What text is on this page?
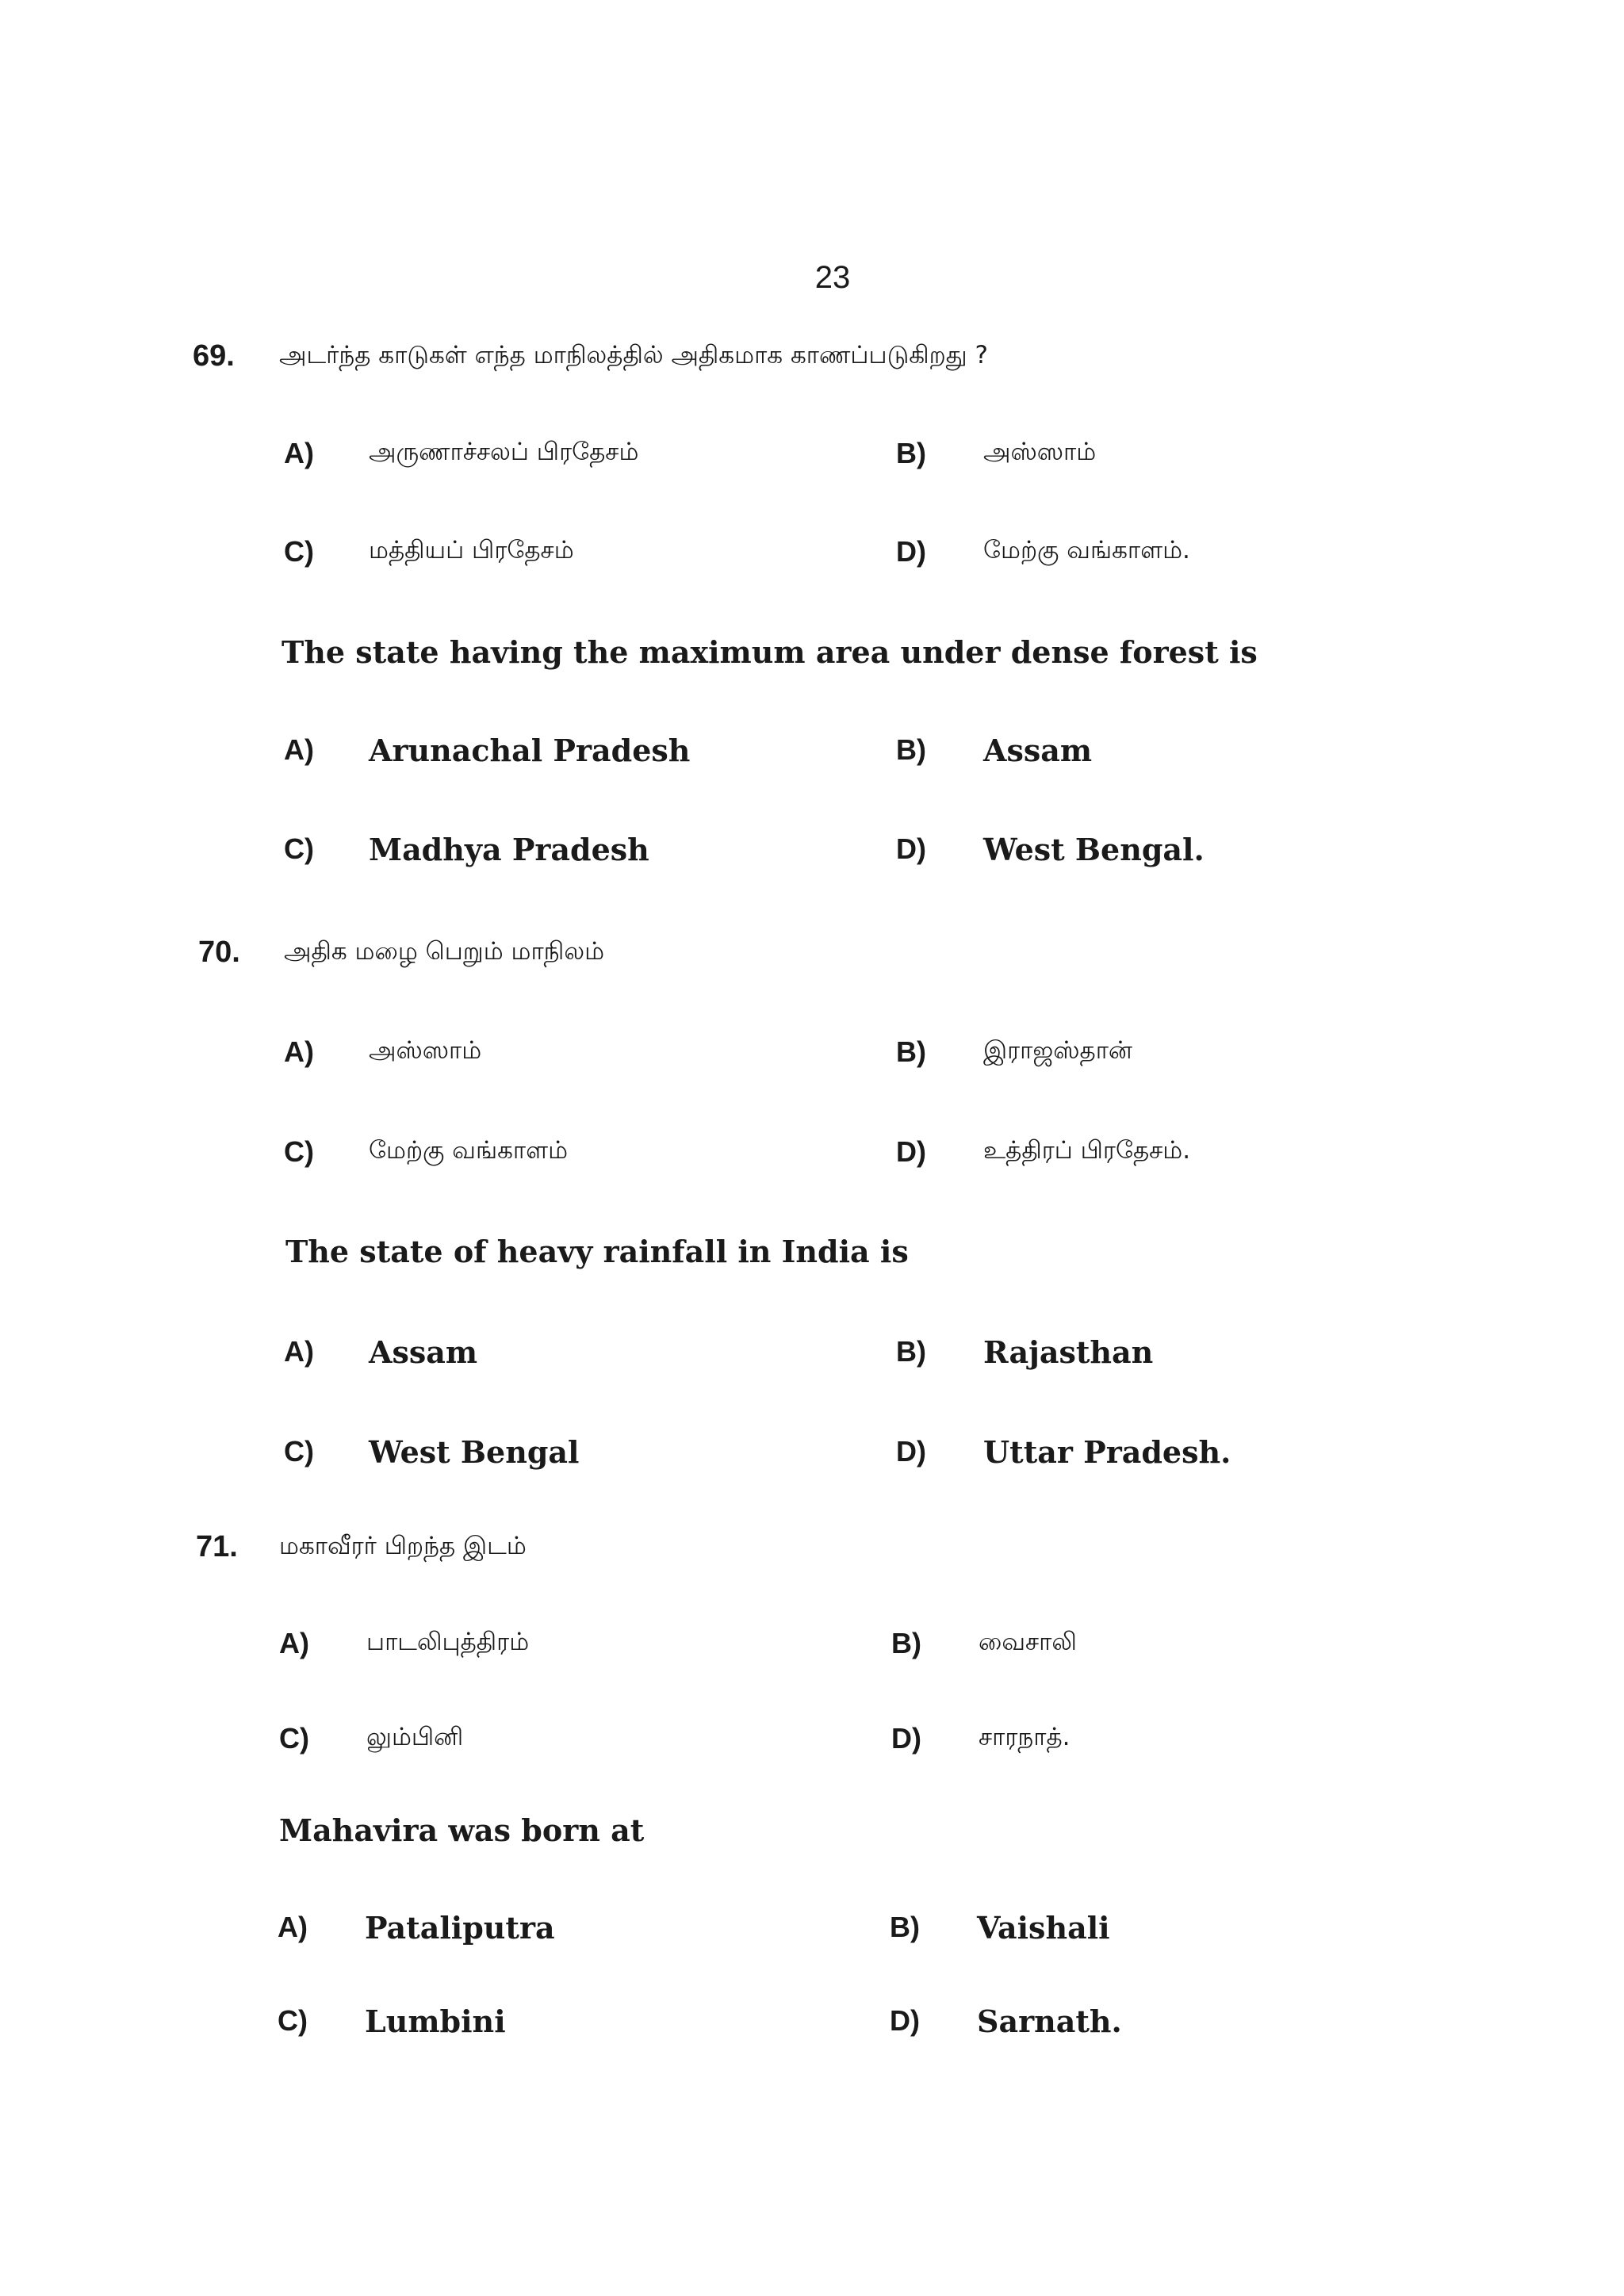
23
69. அடர்ந்த காடுகள் எந்த மாநிலத்தில் அதிகமாக காணப்படுகிறது ?
A) அருணாச்சலப் பிரதேசம்	B) அஸ்ஸாம்
C) மத்தியப் பிரதேசம்	D) மேற்கு வங்காளம்.
The state having the maximum area under dense forest is
A) Arunachal Pradesh	B) Assam
C) Madhya Pradesh	D) West Bengal.
70. அதிக மழை பெறும் மாநிலம்
A) அஸ்ஸாம்	B) இராஜஸ்தான்
C) மேற்கு வங்காளம்	D) உத்திரப் பிரதேசம்.
The state of heavy rainfall in India is
A) Assam	B) Rajasthan
C) West Bengal	D) Uttar Pradesh.
71. மகாவீரர் பிறந்த இடம்
A) பாடலிபுத்திரம்	B) வைசாலி
C) லும்பினி	D) சாரநாத்.
Mahavira was born at
A) Pataliputra	B) Vaishali
C) Lumbini	D) Sarnath.
